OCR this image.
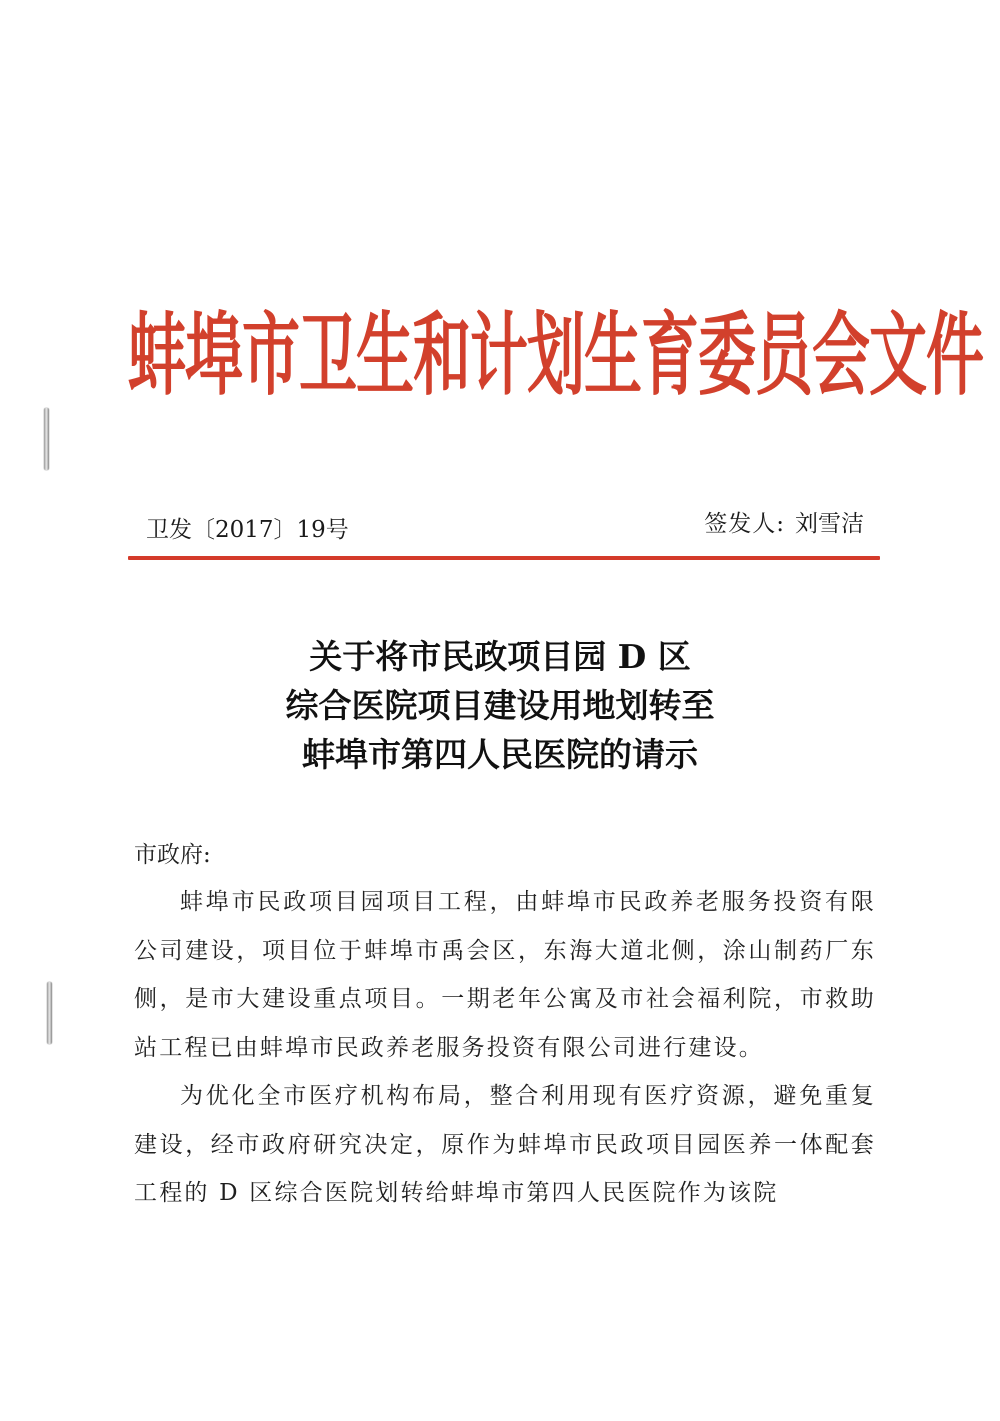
蚌埠市卫生和计划生育委员会文件
卫发〔2017〕19号	签发人: 刘雪洁
关于将市民政项目园 D 区
综合医院项目建设用地划转至
蚌埠市第四人民医院的请示
市政府:

蚌埠市民政项目园项目工程，由蚌埠市民政养老服务投资有限公司建设，项目位于蚌埠市禹会区，东海大道北侧，涂山制药厂东侧，是市大建设重点项目。一期老年公寓及市社会福利院，市救助站工程已由蚌埠市民政养老服务投资有限公司进行建设。

为优化全市医疗机构布局，整合利用现有医疗资源，避免重复建设，经市政府研究决定，原作为蚌埠市民政项目园医养一体配套工程的 D 区综合医院划转给蚌埠市第四人民医院作为该院
